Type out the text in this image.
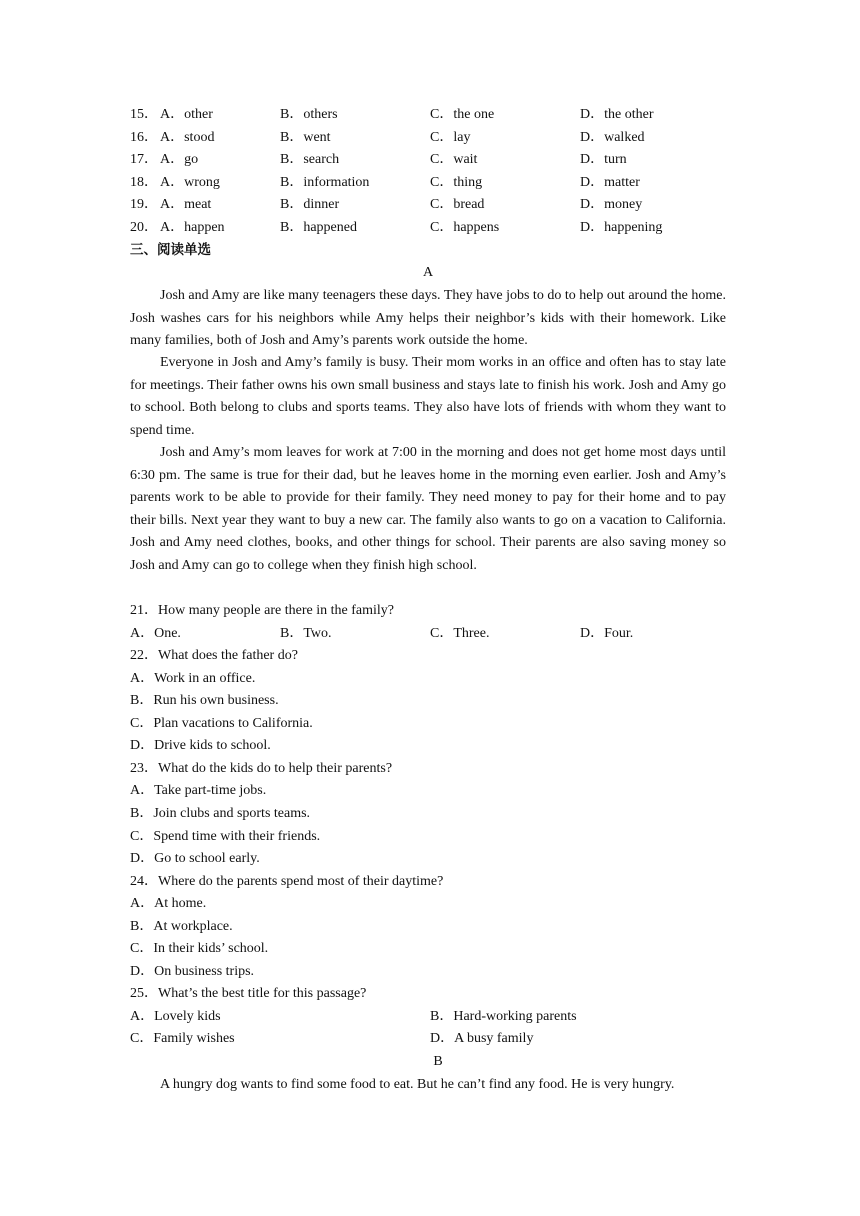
15． A．other	B．others	C．the one	D．the other
16． A．stood	B．went	C．lay	D．walked
17． A．go	B．search	C．wait	D．turn
18． A．wrong	B．information	C．thing	D．matter
19． A．meat	B．dinner	C．bread	D．money
20． A．happen	B．happened	C．happens	D．happening
三、阅读单选
A
Josh and Amy are like many teenagers these days. They have jobs to do to help out around the home. Josh washes cars for his neighbors while Amy helps their neighbor’s kids with their homework. Like many families, both of Josh and Amy’s parents work outside the home.
Everyone in Josh and Amy’s family is busy. Their mom works in an office and often has to stay late for meetings. Their father owns his own small business and stays late to finish his work. Josh and Amy go to school. Both belong to clubs and sports teams. They also have lots of friends with whom they want to spend time.
Josh and Amy’s mom leaves for work at 7:00 in the morning and does not get home most days until 6:30 pm. The same is true for their dad, but he leaves home in the morning even earlier. Josh and Amy’s parents work to be able to provide for their family. They need money to pay for their home and to pay their bills. Next year they want to buy a new car. The family also wants to go on a vacation to California. Josh and Amy need clothes, books, and other things for school. Their parents are also saving money so Josh and Amy can go to college when they finish high school.
21．How many people are there in the family?
A．One.	B．Two.	C．Three.	D．Four.
22．What does the father do?
A．Work in an office.
B．Run his own business.
C．Plan vacations to California.
D．Drive kids to school.
23．What do the kids do to help their parents?
A．Take part-time jobs.
B．Join clubs and sports teams.
C．Spend time with their friends.
D．Go to school early.
24．Where do the parents spend most of their daytime?
A．At home.
B．At workplace.
C．In their kids’ school.
D．On business trips.
25．What’s the best title for this passage?
A．Lovely kids	B．Hard-working parents
C．Family wishes	D．A busy family
B
A hungry dog wants to find some food to eat. But he can’t find any food. He is very hungry.
